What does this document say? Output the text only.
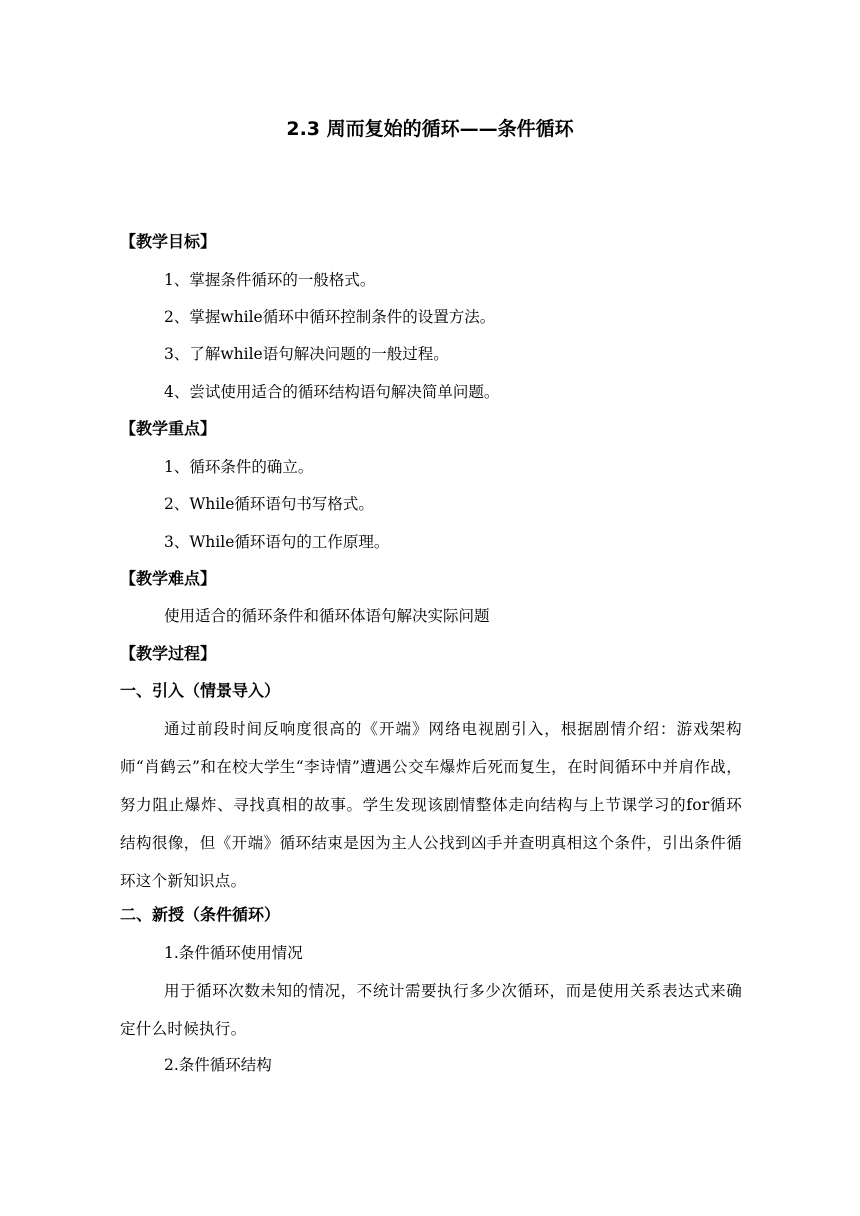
2.3 周而复始的循环——条件循环

【教学目标】

1、掌握条件循环的一般格式。

2、掌握while循环中循环控制条件的设置方法。

3、了解while语句解决问题的一般过程。

4、尝试使用适合的循环结构语句解决简单问题。

【教学重点】

1、循环条件的确立。

2、While循环语句书写格式。

3、While循环语句的工作原理。

【教学难点】

使用适合的循环条件和循环体语句解决实际问题

【教学过程】

一、引入（情景导入）

通过前段时间反响度很高的《开端》网络电视剧引入，根据剧情介绍：游戏架构师“肖鹤云”和在校大学生“李诗情”遭遇公交车爆炸后死而复生，在时间循环中并肩作战，努力阻止爆炸、寻找真相的故事。学生发现该剧情整体走向结构与上节课学习的for循环结构很像，但《开端》循环结束是因为主人公找到凶手并查明真相这个条件，引出条件循环这个新知识点。

二、新授（条件循环）

1.条件循环使用情况

用于循环次数未知的情况，不统计需要执行多少次循环，而是使用关系表达式来确定什么时候执行。

2.条件循环结构
